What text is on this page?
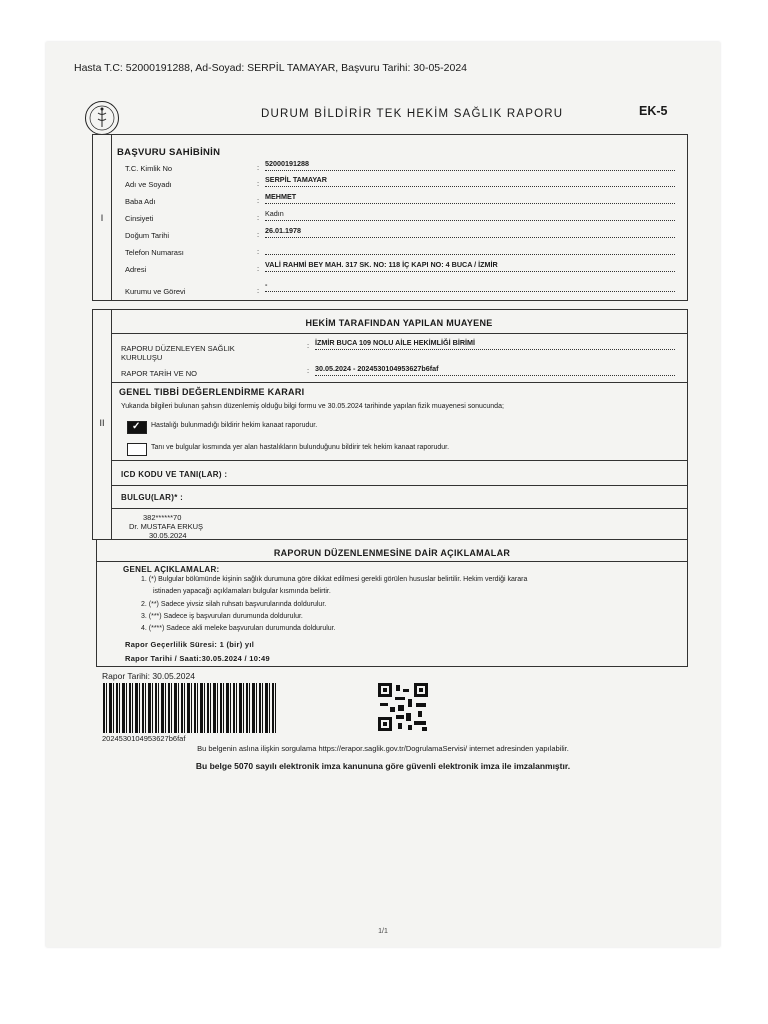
Hasta T.C: 52000191288, Ad-Soyad: SERPİL TAMAYAR, Başvuru Tarihi: 30-05-2024
DURUM BİLDİRİR TEK HEKİM SAĞLIK RAPORU	EK-5
I
BAŞVURU SAHİBİNİN
T.C. Kimlik No	: 52000191288
Adı ve Soyadı	: SERPİL TAMAYAR
Baba Adı	: MEHMET
Cinsiyeti	: Kadın
Doğum Tarihi	: 26.01.1978
Telefon Numarası	:
Adresi	: VALİ RAHMİ BEY MAH. 317 SK. NO: 118 İÇ KAPI NO: 4 BUCA / İZMİR
Kurumu ve Görevi	:
-
II
HEKİM TARAFINDAN YAPILAN MUAYENE
RAPORU DÜZENLEYEN SAĞLIK KURULUŞU
: İZMİR BUCA 109 NOLU AİLE HEKİMLİĞİ BİRİMİ
RAPOR TARİH VE NO	: 30.05.2024 - 2024530104953627b6faf
GENEL TIBBİ DEĞERLENDİRME KARARI
Yukarıda bilgileri bulunan şahsın düzenlemiş olduğu bilgi formu ve 30.05.2024 tarihinde yapılan fizik muayenesi sonucunda;
✓ Hastalığı bulunmadığı bildirir hekim kanaat raporudur.
Tanı ve bulgular kısmında yer alan hastalıkların bulunduğunu bildirir tek hekim kanaat raporudur.
ICD KODU VE TANI(LAR) :
BULGU(LAR)* :
382******70
Dr. MUSTAFA ERKUŞ
30.05.2024
RAPORUN DÜZENLENMESİNE DAİR AÇIKLAMALAR
GENEL AÇIKLAMALAR:
1. (*) Bulgular bölümünde kişinin sağlık durumuna göre dikkat edilmesi gerekli görülen hususlar belirtilir. Hekim verdiği karara
istinaden yapacağı açıklamaları bulgular kısmında belirtir.
2. (**) Sadece yivsiz silah ruhsatı başvurularında doldurulur.
3. (***) Sadece iş başvuruları durumunda doldurulur.
4. (****) Sadece akli meleke başvuruları durumunda doldurulur.
Rapor Geçerlilik Süresi: 1 (bir) yıl
Rapor Tarihi / Saati:30.05.2024 / 10:49
Rapor Tarihi: 30.05.2024
2024530104953627b6faf
Bu belgenin aslına ilişkin sorgulama https://erapor.saglik.gov.tr/DogrulamaServisi/ internet adresinden yapılabilir.
Bu belge 5070 sayılı elektronik imza kanununa göre güvenli elektronik imza ile imzalanmıştır.
1/1
